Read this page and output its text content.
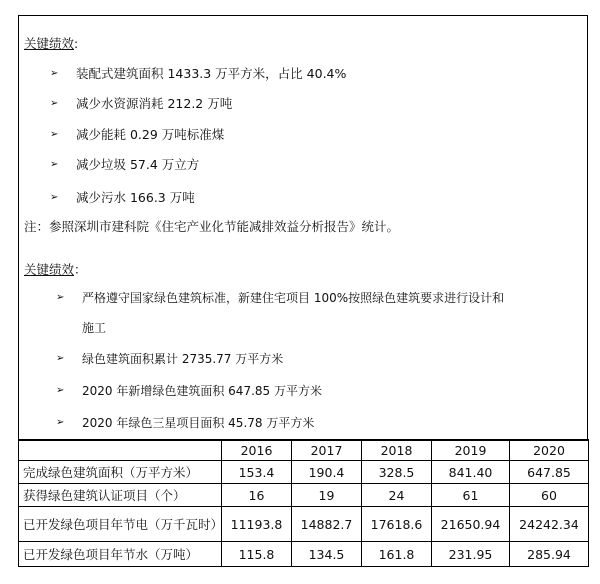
关键绩效:
➢ 装配式建筑面积 1433.3 万平方米，占比 40.4%
➢ 减少水资源消耗 212.2 万吨
➢ 减少能耗 0.29 万吨标准煤
➢ 减少垃圾 57.4 万立方
➢ 减少污水 166.3 万吨
注：参照深圳市建科院《住宅产业化节能减排效益分析报告》统计。
关键绩效：
➢ 严格遵守国家绿色建筑标准，新建住宅项目 100%按照绿色建筑要求进行设计和
施工
➢ 绿色建筑面积累计 2735.77 万平方米
➢ 2020 年新增绿色建筑面积 647.85 万平方米
➢ 2020 年绿色三星项目面积 45.78 万平方米
	2016	2017	2018	2019	2020
完成绿色建筑面积（万平方米）	153.4	190.4	328.5	841.40	647.85
获得绿色建筑认证项目（个）	16	19	24	61	60
已开发绿色项目年节电（万千瓦时）	11193.8	14882.7	17618.6	21650.94	24242.34
已开发绿色项目年节水（万吨）	115.8	134.5	161.8	231.95	285.94
